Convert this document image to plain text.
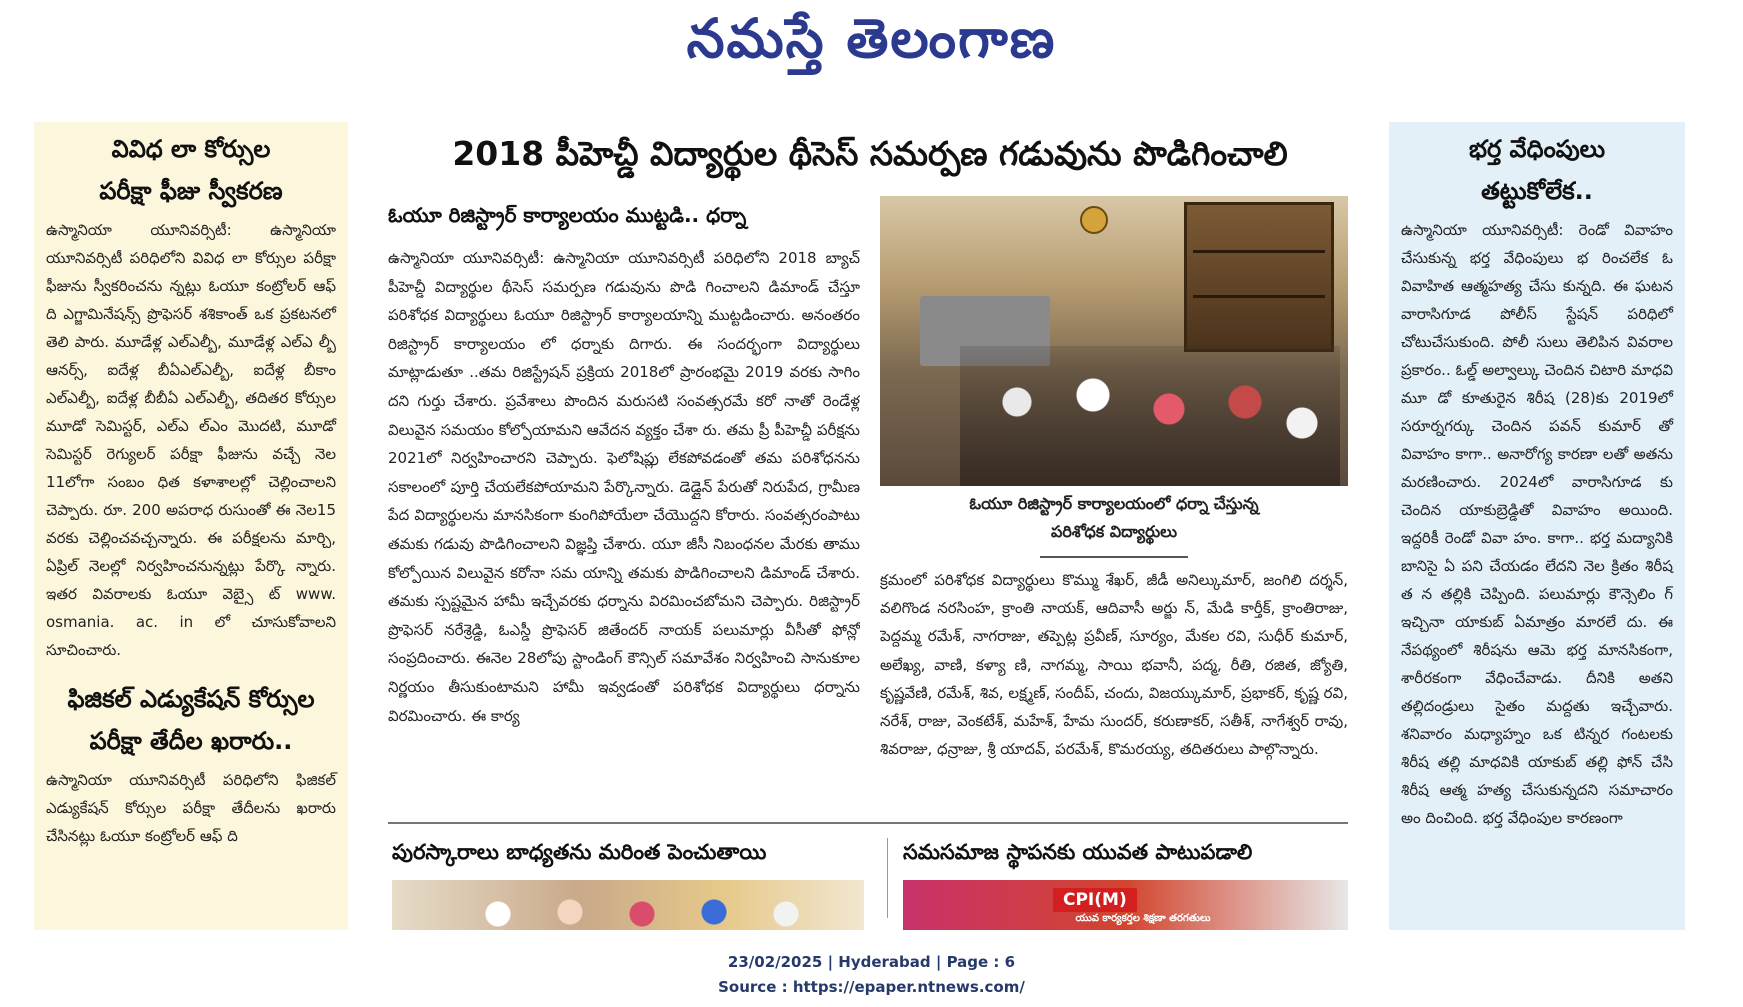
నమస్తే తెలంగాణ
వివిధ లా కోర్సుల
పరీక్షా ఫీజు స్వీకరణ
ఉస్మానియా యూనివర్సిటీ: ఉస్మానియా యూనివర్సిటీ పరిధిలోని వివిధ లా కోర్సుల పరీక్షా ఫీజును స్వీకరించను న్నట్లు ఓయూ కంట్రోలర్ ఆఫ్ ది ఎగ్జామినేషన్స్ ప్రొఫెసర్ శశికాంత్ ఒక ప్రకటనలో తెలి పారు. మూడేళ్ల ఎల్ఎల్బీ, మూడేళ్ల ఎల్ఎ ల్బీ ఆనర్స్, ఐదేళ్ల బీఏఎల్ఎల్బీ, ఐదేళ్ల బీకాం ఎల్ఎల్బీ, ఐదేళ్ల బీబీఏ ఎల్ఎల్బీ, తదితర కోర్సుల మూడో సెమిస్టర్, ఎల్ఎ ల్ఎం మొదటి, మూడో సెమిస్టర్ రెగ్యులర్ పరీక్షా ఫీజును వచ్చే నెల 11లోగా సంబం ధిత కళాశాలల్లో చెల్లించాలని చెప్పారు. రూ. 200 అపరాధ రుసుంతో ఈ నెల15 వరకు చెల్లించవచ్చన్నారు. ఈ పరీక్షలను మార్చి, ఏప్రిల్ నెలల్లో నిర్వహించనున్నట్లు పేర్కొ న్నారు. ఇతర వివరాలకు ఓయూ వెబ్సై ట్ www. osmania. ac. in లో చూసుకోవాలని సూచించారు.
ఫిజికల్ ఎడ్యుకేషన్ కోర్సుల
పరీక్షా తేదీల ఖరారు..
ఉస్మానియా యూనివర్సిటీ పరిధిలోని ఫిజికల్ ఎడ్యుకేషన్ కోర్సుల పరీక్షా తేదీలను ఖరారు చేసినట్లు ఓయూ కంట్రోలర్ ఆఫ్ ది
2018 పీహెచ్డీ విద్యార్థుల థీసెస్ సమర్పణ గడువును పొడిగించాలి
ఓయూ రిజిస్ట్రార్ కార్యాలయం ముట్టడి.. ధర్నా
ఉస్మానియా యూనివర్సిటీ: ఉస్మానియా యూనివర్సిటీ పరిధిలోని 2018 బ్యాచ్ పీహెచ్డీ విద్యార్థుల థీసెస్ సమర్పణ గడువును పొడి గించాలని డిమాండ్ చేస్తూ పరిశోధక విద్యార్థులు ఓయూ రిజిస్ట్రార్ కార్యాలయాన్ని ముట్టడించారు. అనంతరం రిజిస్ట్రార్ కార్యాలయం లో ధర్నాకు దిగారు. ఈ సందర్భంగా విద్యార్థులు మాట్లాడుతూ ..తమ రిజిస్ట్రేషన్ ప్రక్రియ 2018లో ప్రారంభమై 2019 వరకు సాగిం దని గుర్తు చేశారు. ప్రవేశాలు పొందిన మరుసటి సంవత్సరమే కరో నాతో రెండేళ్ల విలువైన సమయం కోల్పోయామని ఆవేదన వ్యక్తం చేశా రు. తమ ప్రీ పీహెచ్డీ పరీక్షను 2021లో నిర్వహించారని చెప్పారు. ఫెలోషిప్లు లేకపోవడంతో తమ పరిశోధనను సకాలంలో పూర్తి చేయలేకపోయామని పేర్కొన్నారు. డెడ్లైన్ పేరుతో నిరుపేద, గ్రామీణ పేద విద్యార్థులను మానసికంగా కుంగిపోయేలా చేయొద్దని కోరారు. సంవత్సరంపాటు తమకు గడువు పొడిగించాలని విజ్ఞప్తి చేశారు. యూ జీసీ నిబంధనల మేరకు తాము కోల్పోయిన విలువైన కరోనా సమ యాన్ని తమకు పొడిగించాలని డిమాండ్ చేశారు. తమకు స్పష్టమైన హామీ ఇచ్చేవరకు ధర్నాను విరమించబోమని చెప్పారు. రిజిస్ట్రార్ ప్రొఫెసర్ నరేశ్రెడ్డి, ఓఎస్డీ ప్రొఫెసర్ జితేందర్ నాయక్ పలుమార్లు వీసీతో ఫోన్లో సంప్రదించారు. ఈనెల 28లోపు స్టాండింగ్ కౌన్సిల్ సమావేశం నిర్వహించి సానుకూల నిర్ణయం తీసుకుంటామని హామీ ఇవ్వడంతో పరిశోధక విద్యార్థులు ధర్నాను విరమించారు. ఈ కార్య
ఓయూ రిజిస్ట్రార్ కార్యాలయంలో ధర్నా చేస్తున్న
పరిశోధక విద్యార్థులు
క్రమంలో పరిశోధక విద్యార్థులు కొమ్ము శేఖర్, జీడీ అనిల్కుమార్, జంగిలి దర్శన్, వలిగొండ నరసింహ, క్రాంతి నాయక్, ఆదివాసీ అర్జు న్, మేడి కార్తీక్, క్రాంతిరాజు, పెద్దమ్మ రమేశ్, నాగరాజు, తప్పెట్ల ప్రవీణ్, సూర్యం, మేకల రవి, సుధీర్ కుమార్, అలేఖ్య, వాణి, కళ్యా ణి, నాగమ్మ, సాయి భవానీ, పద్మ, రీతి, రజిత, జ్యోతి, కృష్ణవేణి, రమేశ్, శివ, లక్ష్మణ్, సందీప్, చందు, విజయ్కుమార్, ప్రభాకర్, కృష్ణ రవి, నరేశ్, రాజు, వెంకటేశ్, మహేశ్, హేమ సుందర్, కరుణాకర్, సతీశ్, నాగేశ్వర్ రావు, శివరాజు, ధన్రాజు, శ్రీ యాదవ్, పరమేశ్, కొమరయ్య, తదితరులు పాల్గొన్నారు.
పురస్కారాలు బాధ్యతను మరింత పెంచుతాయి	సమసమాజ స్థాపనకు యువత పాటుపడాలి
CPI(M)
యువ కార్యకర్తల శిక్షణా తరగతులు
భర్త వేధింపులు
తట్టుకోలేక..
ఉస్మానియా యూనివర్సిటీ: రెండో వివాహం చేసుకున్న భర్త వేధింపులు భ రించలేక ఓ వివాహిత ఆత్మహత్య చేసు కున్నది. ఈ ఘటన వారాసిగూడ పోలీస్ స్టేషన్ పరిధిలో చోటుచేసుకుంది. పోలీ సులు తెలిపిన వివరాల ప్రకారం.. ఓల్డ్ అల్వాల్కు చెందిన చిటారి మాధవి మూ డో కూతురైన శిరీష (28)కు 2019లో సరూర్నగర్కు చెందిన పవన్ కుమార్ తో వివాహం కాగా.. అనారోగ్య కారణా లతో అతను మరణించారు. 2024లో వారాసిగూడ కు చెందిన యాకుబ్రెడ్డితో వివాహం అయింది. ఇద్దరికీ రెండో వివా హం. కాగా.. భర్త మద్యానికి బానిసై ఏ పని చేయడం లేదని నెల క్రితం శిరీష త న తల్లికి చెప్పింది. పలుమార్లు కౌన్సెలిం గ్ ఇచ్చినా యాకుబ్ ఏమాత్రం మారలే దు. ఈ నేపథ్యంలో శిరీషను ఆమె భర్త మానసికంగా, శారీరకంగా వేధించేవాడు. దీనికి అతని తల్లిదండ్రులు సైతం మద్దతు ఇచ్చేవారు. శనివారం మధ్యాహ్నం ఒక టిన్నర గంటలకు శిరీష తల్లి మాధవికి యాకుబ్ తల్లి ఫోన్ చేసి శిరీష ఆత్మ హత్య చేసుకున్నదని సమాచారం అం దించింది. భర్త వేధింపుల కారణంగా
23/02/2025 | Hyderabad | Page : 6
Source : https://epaper.ntnews.com/
